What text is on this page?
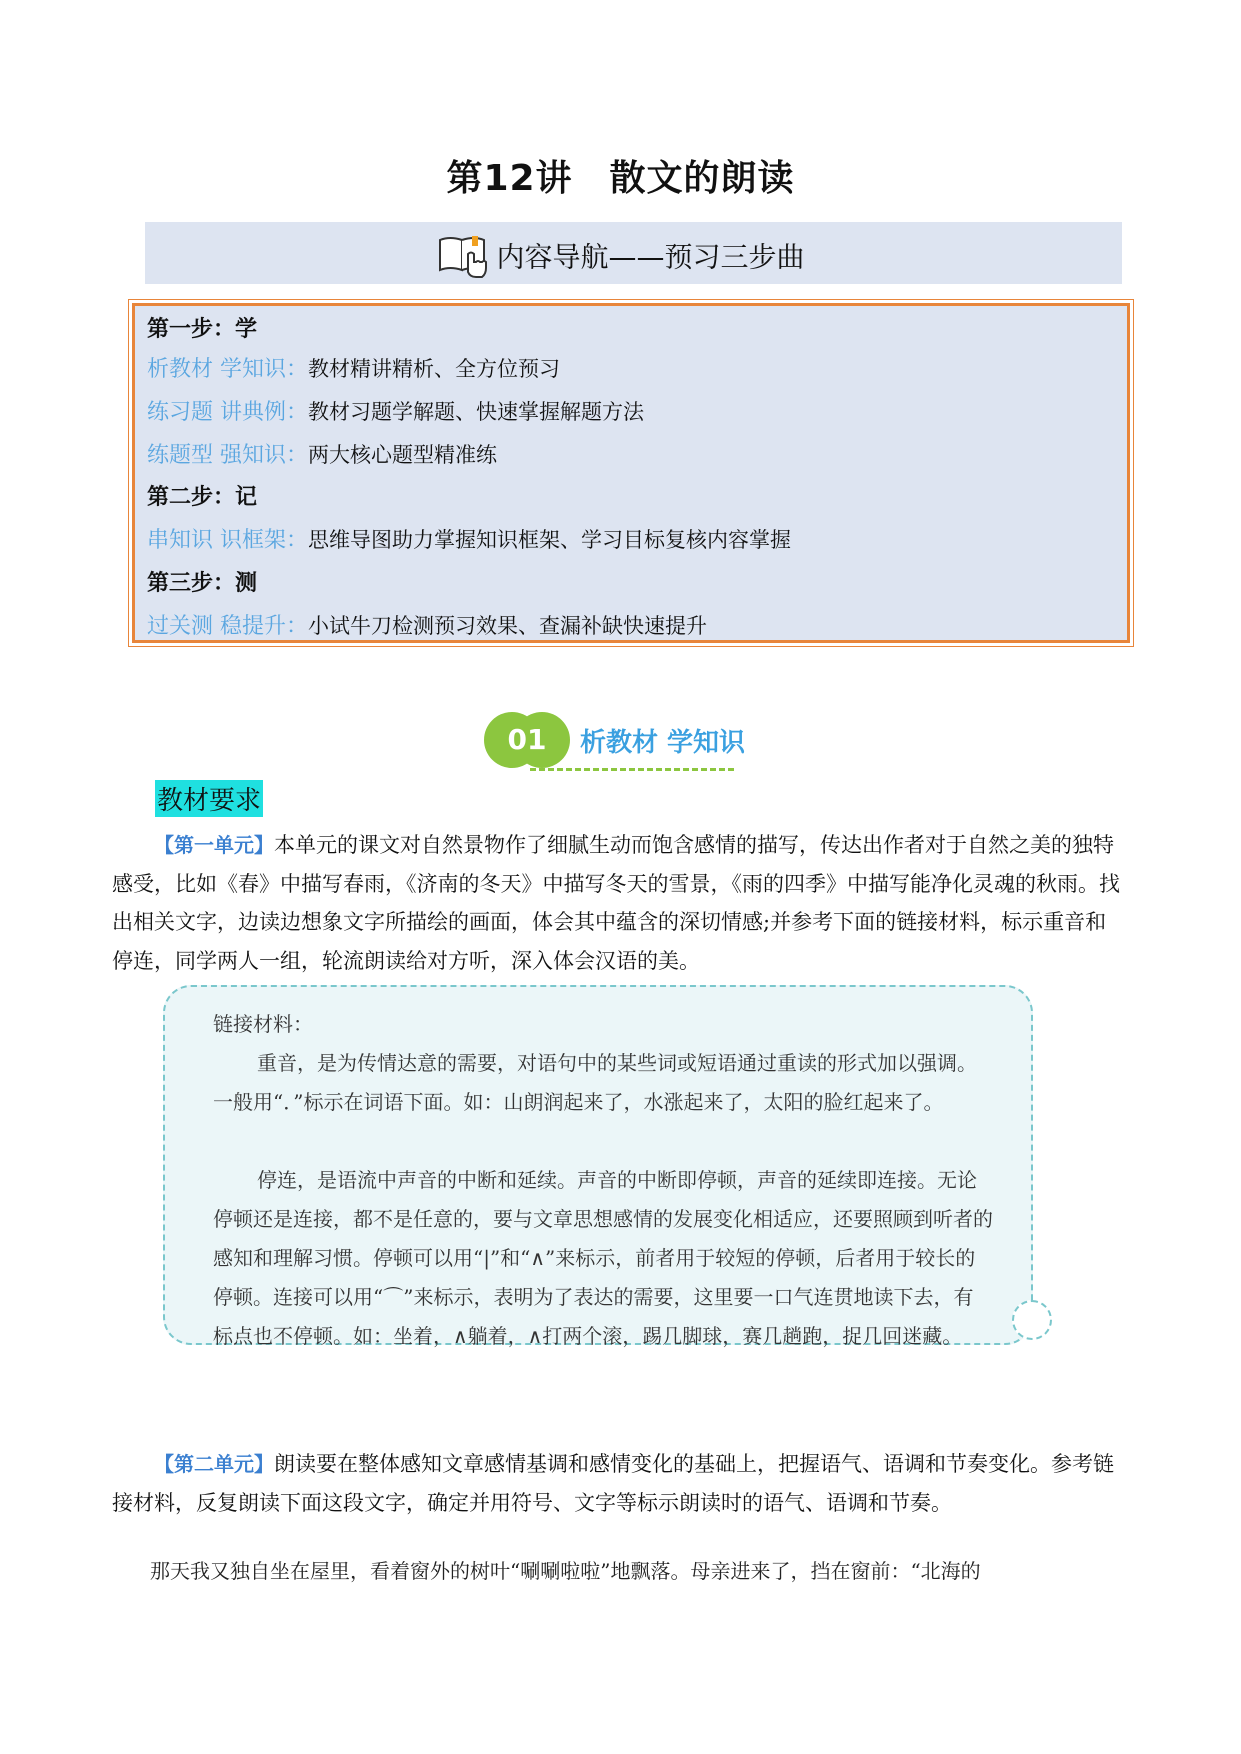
第12讲　散文的朗读
内容导航——预习三步曲
第一步：学
析教材 学知识：教材精讲精析、全方位预习
练习题 讲典例：教材习题学解题、快速掌握解题方法
练题型 强知识：两大核心题型精准练
第二步：记
串知识 识框架：思维导图助力掌握知识框架、学习目标复核内容掌握
第三步：测
过关测 稳提升：小试牛刀检测预习效果、查漏补缺快速提升
01	析教材 学知识
教材要求
【第一单元】本单元的课文对自然景物作了细腻生动而饱含感情的描写，传达出作者对于自然之美的独特感受，比如《春》中描写春雨，《济南的冬天》中描写冬天的雪景，《雨的四季》中描写能净化灵魂的秋雨。找出相关文字，边读边想象文字所描绘的画面，体会其中蕴含的深切情感;并参考下面的链接材料，标示重音和停连，同学两人一组，轮流朗读给对方听，深入体会汉语的美。
链接材料：
重音，是为传情达意的需要，对语句中的某些词或短语通过重读的形式加以强调。一般用“．”标示在词语下面。如：山朗润起来了，水涨起来了，太阳的脸红起来了。
停连，是语流中声音的中断和延续。声音的中断即停顿，声音的延续即连接。无论停顿还是连接，都不是任意的，要与文章思想感情的发展变化相适应，还要照顾到听者的感知和理解习惯。停顿可以用“|”和“∧”来标示，前者用于较短的停顿，后者用于较长的停顿。连接可以用“⌒”来标示，表明为了表达的需要，这里要一口气连贯地读下去，有标点也不停顿。如：坐着，∧躺着，∧打两个滚，踢几脚球，赛几趟跑，捉几回迷藏。
【第二单元】朗读要在整体感知文章感情基调和感情变化的基础上，把握语气、语调和节奏变化。参考链接材料，反复朗读下面这段文字，确定并用符号、文字等标示朗读时的语气、语调和节奏。
那天我又独自坐在屋里，看着窗外的树叶“唰唰啦啦”地飘落。母亲进来了，挡在窗前：“北海的
